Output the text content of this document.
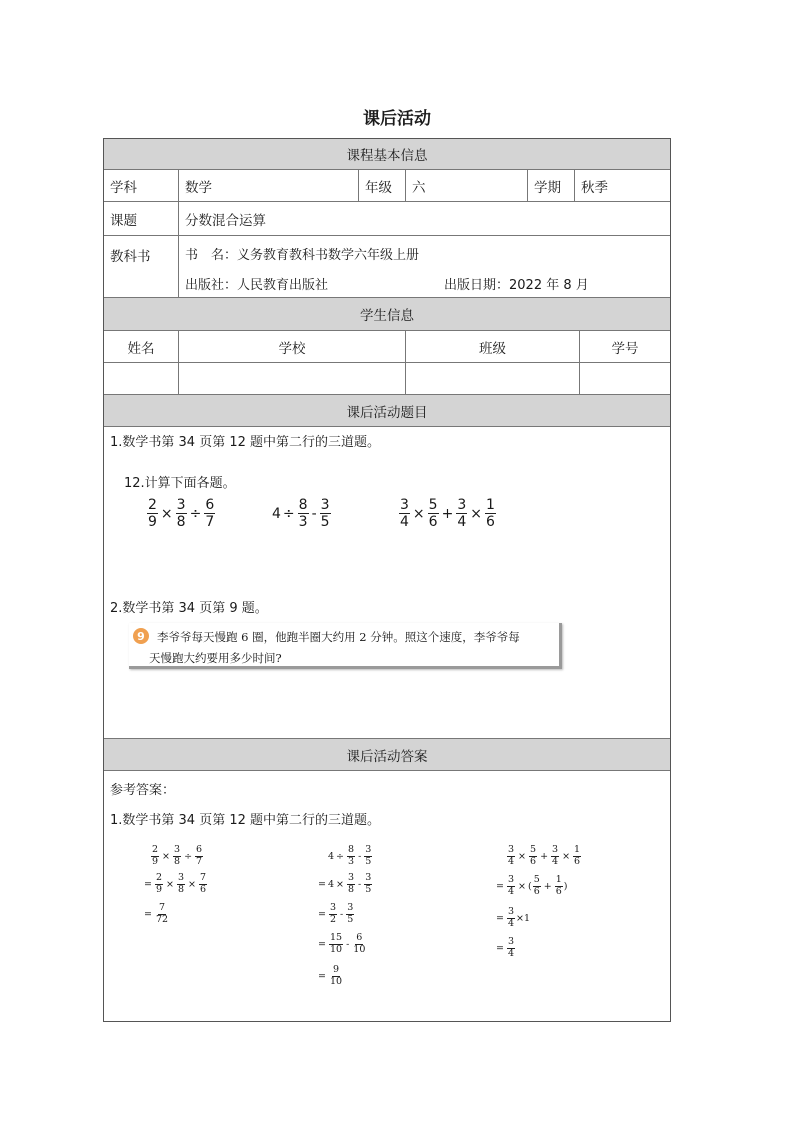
课后活动
课程基本信息
学科	数学	年级	六	学期	秋季
课题	分数混合运算
教科书	书　名：义务教育教科书数学六年级上册
出版社：人民教育出版社	出版日期：2022 年 8 月
学生信息
姓名	学校	班级	学号
课后活动题目
1.数学书第 34 页第 12 题中第二行的三道题。
12.计算下面各题。
$\frac{2}{9} \times \frac{3}{8} \div \frac{6}{7}$	$4 \div \frac{8}{3} - \frac{3}{5}$	$\frac{3}{4} \times \frac{5}{6} + \frac{3}{4} \times \frac{1}{6}$
2.数学书第 34 页第 9 题。
9	李爷爷每天慢跑 6 圈，他跑半圈大约用 2 分钟。照这个速度，李爷爷每
天慢跑大约要用多少时间?
课后活动答案
参考答案：
1.数学书第 34 页第 12 题中第二行的三道题。
$\frac{2}{9} \times \frac{3}{8} \div \frac{6}{7}$
= $\frac{2}{9} \times \frac{3}{8} \times \frac{7}{6}$
= $\frac{7}{72}$
$4 \div \frac{8}{3} - \frac{3}{5}$
= $4 \times \frac{3}{8} - \frac{3}{5}$
= $\frac{3}{2} - \frac{3}{5}$
= $\frac{15}{10} - \frac{6}{10}$
= $\frac{9}{10}$
$\frac{3}{4} \times \frac{5}{6} + \frac{3}{4} \times \frac{1}{6}$
= $\frac{3}{4}$ × ( $\frac{5}{6} + \frac{1}{6}$ )
= $\frac{3}{4} \times 1$
= $\frac{3}{4}$
